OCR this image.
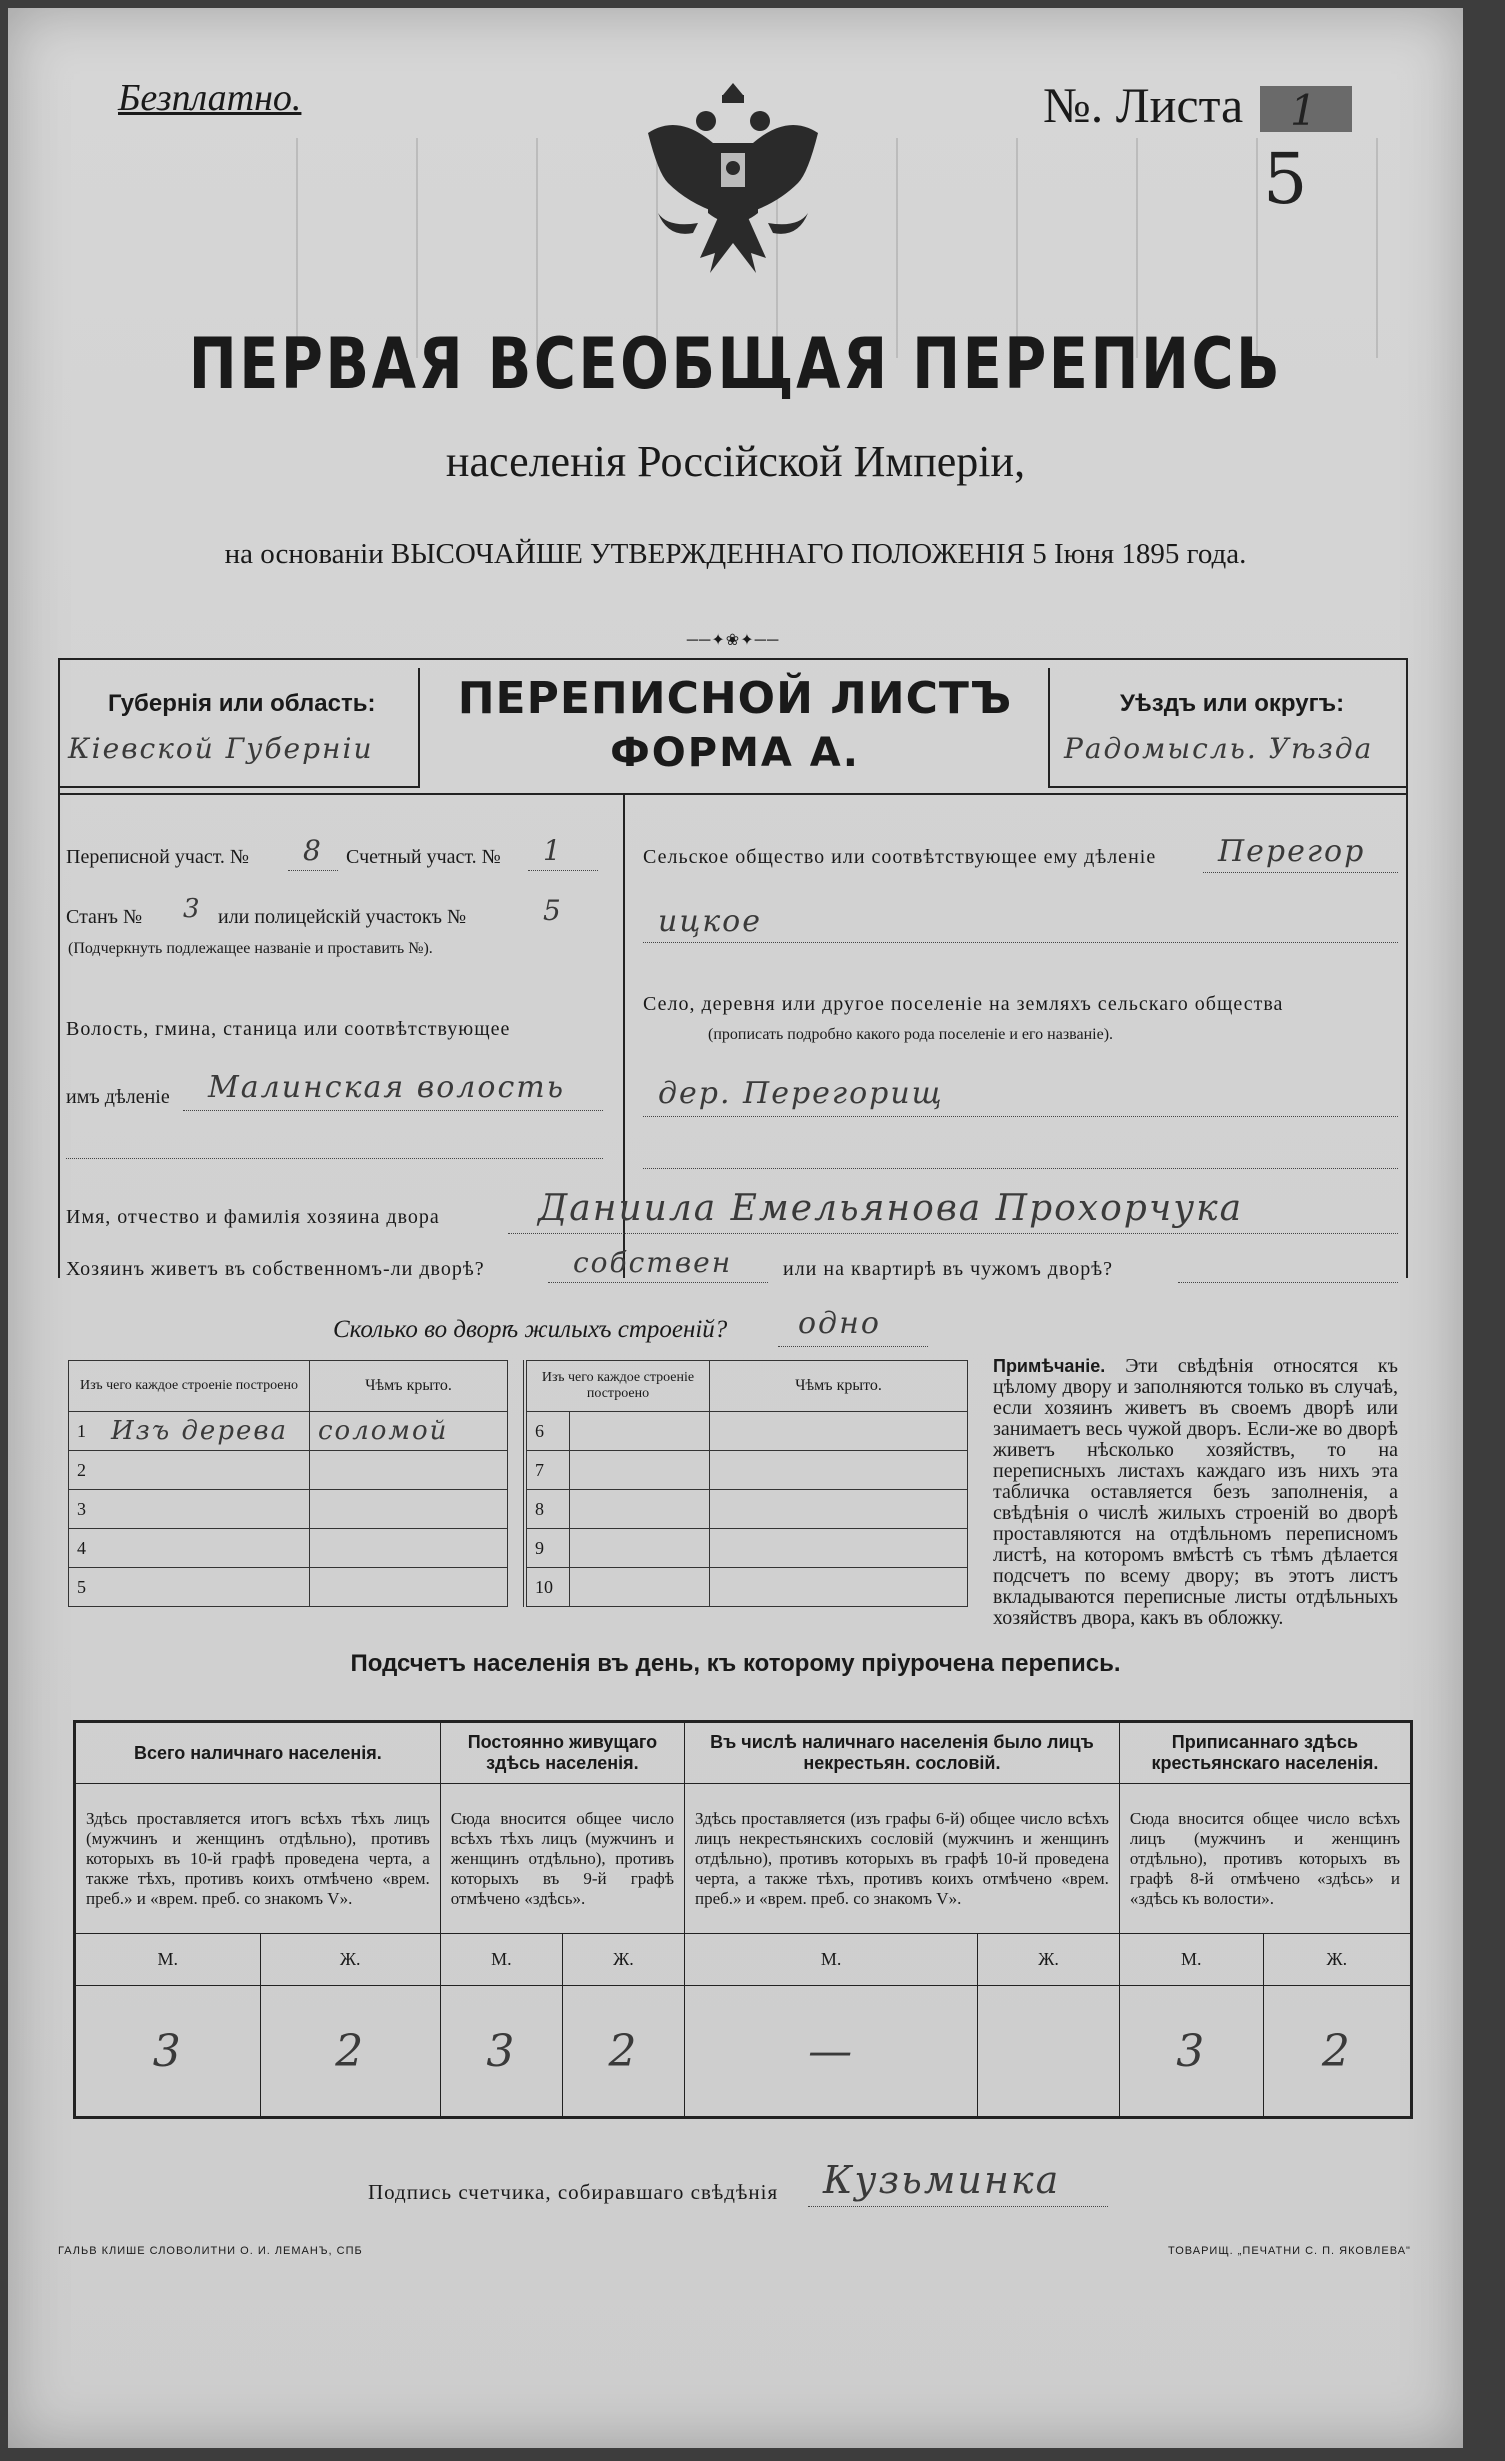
Безплатно.	№. Листа 1
5
ПЕРВАЯ ВСЕОБЩАЯ ПЕРЕПИСЬ
населенія Россійской Имперіи,
на основаніи ВЫСОЧАЙШЕ УТВЕРЖДЕННАГО ПОЛОЖЕНІЯ 5 Іюня 1895 года.
──✦❀✦──
Губернія или область:
Кіевской Губерніи
ПЕРЕПИСНОЙ ЛИСТЪ
ФОРМА А.
Уѣздъ или округъ:
Радомысль. Уѣзда
Переписной участ. № 8 Счетный участ. № 1
Станъ № 3 или полицейскій участокъ №	5
(Подчеркнуть подлежащее названіе и проставить №).
Волость, гмина, станица или соотвѣтствующее
имъ дѣленіе Малинская волость
Сельское общество или соотвѣтствующее ему дѣленіе Перегор
ицкое
Село, деревня или другое поселеніе на земляхъ сельскаго общества
(прописать подробно какого рода поселеніе и его названіе).
дер. Перегорищ
Имя, отчество и фамилія хозяина двора	Даниила Емельянова Прохорчука
Хозяинъ живетъ въ собственномъ-ли дворѣ?	собствен	или на квартирѣ въ чужомъ дворѣ?
Сколько во дворѣ жилыхъ строеній? одно
Изъ чего каждое строеніе построено		Чѣмъ крыто.
1	Изъ дерева	соломой
2		
3		
4		
5		
Изъ чего каждое строеніе построено		Чѣмъ крыто.
6		
7		
8		
9		
10		
Примѣчаніе. Эти свѣдѣнія относятся къ цѣлому двору и заполняются только въ случаѣ, если хозяинъ живетъ въ своемъ дворѣ или занимаетъ весь чужой дворъ. Если-же во дворѣ живетъ нѣсколько хозяйствъ, то на переписныхъ листахъ каждаго изъ нихъ эта табличка оставляется безъ заполненія, а свѣдѣнія о числѣ жилыхъ строеній во дворѣ проставляются на отдѣльномъ переписномъ листѣ, на которомъ вмѣстѣ съ тѣмъ дѣлается подсчетъ по всему двору; въ этотъ листъ вкладываются переписные листы отдѣльныхъ хозяйствъ двора, какъ въ обложку.
Подсчетъ населенія въ день, къ которому пріурочена перепись.
Всего наличнаго населенія.		Постоянно живущаго здѣсь населенія.		Въ числѣ наличнаго населенія было лицъ некрестьян. сословій.		Приписаннаго здѣсь крестьянскаго населенія.	
Здѣсь проставляется итогъ всѣхъ тѣхъ лицъ (мужчинъ и женщинъ отдѣльно), противъ которыхъ въ 10-й графѣ проведена черта, а также тѣхъ, противъ коихъ отмѣчено «врем. преб.» и «врем. преб. со знакомъ V».		Сюда вносится общее число всѣхъ тѣхъ лицъ (мужчинъ и женщинъ отдѣльно), противъ которыхъ въ 9-й графѣ отмѣчено «здѣсь».		Здѣсь проставляется (изъ графы 6-й) общее число всѣхъ лицъ некрестьянскихъ сословій (мужчинъ и женщинъ отдѣльно), противъ которыхъ въ графѣ 10-й проведена черта, а также тѣхъ, противъ коихъ отмѣчено «врем. преб.» и «врем. преб. со знакомъ V».		Сюда вносится общее число всѣхъ лицъ (мужчинъ и женщинъ отдѣльно), противъ которыхъ въ графѣ 8-й отмѣчено «здѣсь» и «здѣсь къ волости».	
М.	Ж.	М.	Ж.	М.	Ж.	М.	Ж.
3	2	3	2	—		3	2
Подпись счетчика, собиравшаго свѣдѣнія Кузьминка
ГАЛЬВ КЛИШЕ СЛОВОЛИТНИ О. И. ЛЕМАНЪ, СПБ	ТОВАРИЩ. „ПЕЧАТНИ С. П. ЯКОВЛЕВА"
